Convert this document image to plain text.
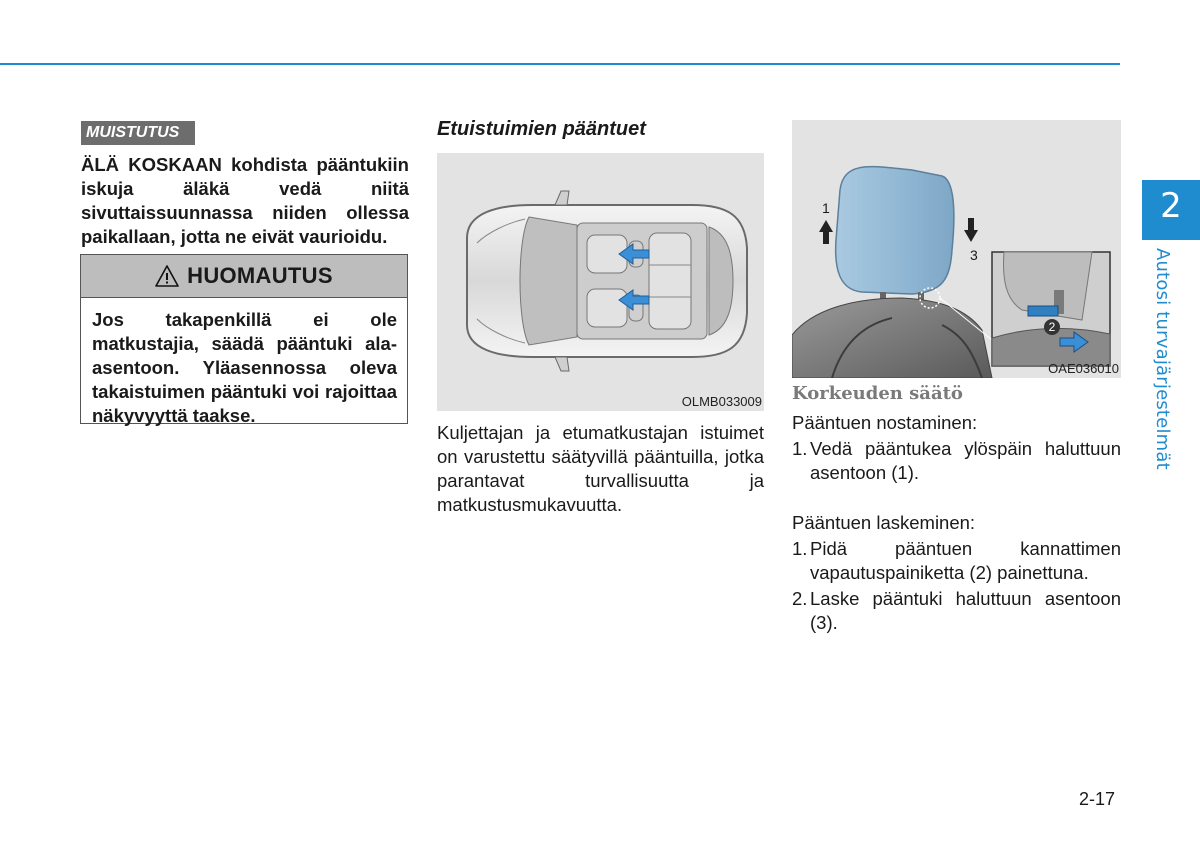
2
Autosi turvajärjestelmät
MUISTUTUS
ÄLÄ KOSKAAN kohdista pääntukiin iskuja äläkä vedä niitä sivuttaissuunnassa niiden ollessa paikallaan, jotta ne eivät vaurioidu.
HUOMAUTUS
Jos takapenkillä ei ole matkustajia, säädä pääntuki ala-asentoon. Yläasennossa oleva takaistuimen pääntuki voi rajoittaa näkyvyyttä taakse.
Etuistuimien pääntuet
OLMB033009
Kuljettajan ja etumatkustajan istuimet on varustettu säätyvillä pääntuilla, jotka parantavat turvallisuutta ja matkustusmukavuutta.
1
3
2
OAE036010
Korkeuden säätö
Pääntuen nostaminen:
1. Vedä pääntukea ylöspäin haluttuun asentoon (1).
Pääntuen laskeminen:
1. Pidä pääntuen kannattimen vapautuspainiketta (2) painettuna.
2. Laske pääntuki haluttuun asentoon (3).
2-17
